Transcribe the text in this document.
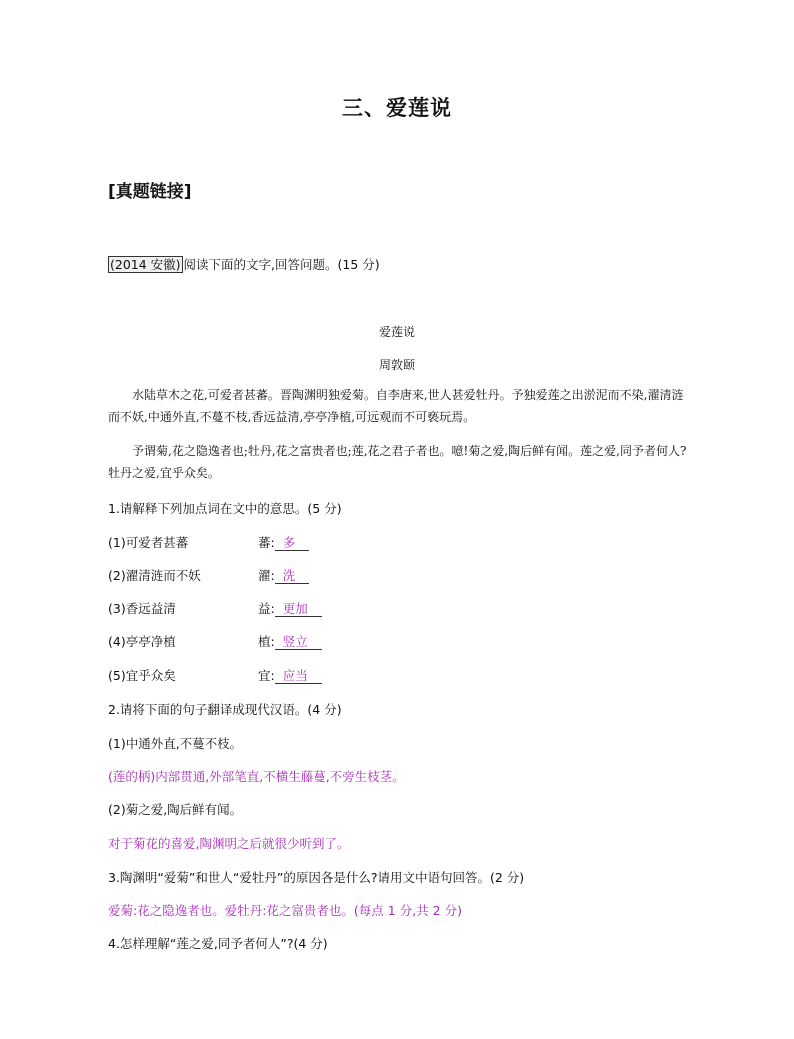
三、爱莲说
[真题链接]
(2014 安徽) 阅读下面的文字,回答问题。(15 分)
爱莲说
周敦颐
水陆草木之花,可爱者甚蕃。晋陶渊明独爱菊。自李唐来,世人甚爱牡丹。予独爱莲之出淤泥而不染,濯清涟而不妖,中通外直,不蔓不枝,香远益清,亭亭净植,可远观而不可亵玩焉。
予谓菊,花之隐逸者也;牡丹,花之富贵者也;莲,花之君子者也。噫!菊之爱,陶后鲜有闻。莲之爱,同予者何人?牡丹之爱,宜乎众矣。
1.请解释下列加点词在文中的意思。(5 分)
(1)可爱者甚蕃	蕃: 多
(2)濯清涟而不妖	濯: 洗
(3)香远益清	益: 更加
(4)亭亭净植	植: 竖立
(5)宜乎众矣	宜: 应当
2.请将下面的句子翻译成现代汉语。(4 分)
(1)中通外直,不蔓不枝。
(莲的柄)内部贯通,外部笔直,不横生藤蔓,不旁生枝茎。
(2)菊之爱,陶后鲜有闻。
对于菊花的喜爱,陶渊明之后就很少听到了。
3.陶渊明“爱菊”和世人“爱牡丹”的原因各是什么?请用文中语句回答。(2 分)
爱菊:花之隐逸者也。爱牡丹:花之富贵者也。(每点 1 分,共 2 分)
4.怎样理解“莲之爱,同予者何人”?(4 分)
